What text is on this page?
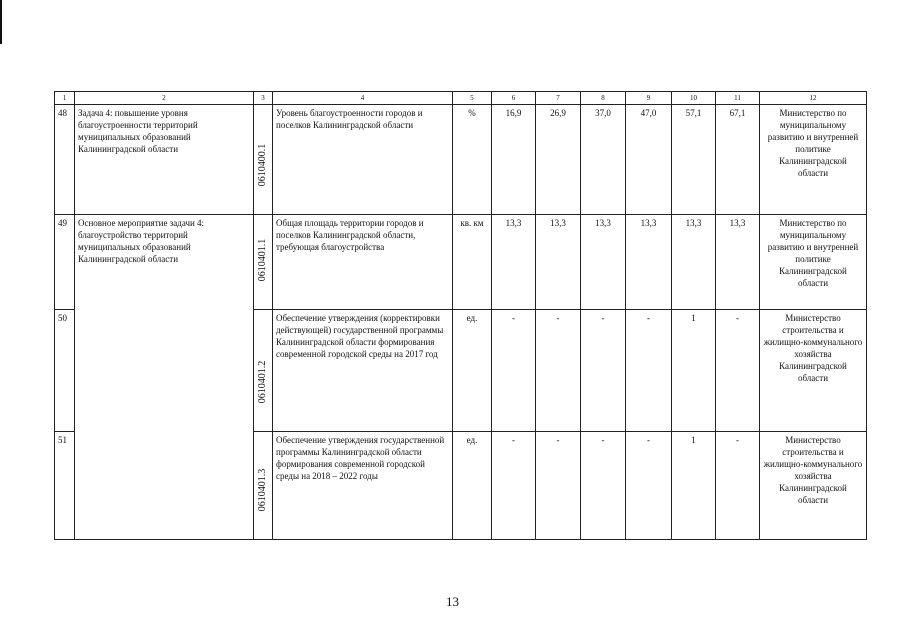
1	2	3	4	5	6	7	8	9	10	11	12
48	Задача 4: повышение уровня благоустроенности территорий муниципальных образований Калининградской области	0610400.1	Уровень благоустроенности городов и поселков Калининградской области	%	16,9	26,9	37,0	47,0	57,1	67,1	Министерство по муниципальному развитию и внутренней политике Калининградской области
49	Основное мероприятие задачи 4: благоустройство территорий муниципальных образований Калининградской области	0610401.1	Общая площадь территории городов и поселков Калининградской области, требующая благоустройства	кв. км	13,3	13,3	13,3	13,3	13,3	13,3	Министерство по муниципальному развитию и внутренней политике Калининградской области
50		0610401.2	Обеспечение утверждения (корректировки действующей) государственной программы Калининградской области формирования современной городской среды на 2017 год	ед.	-	-	-	-	1	-	Министерство строительства и жилищно-коммунального хозяйства Калининградской области
51		0610401.3	Обеспечение утверждения государственной программы Калининградской области формирования современной городской среды на 2018 – 2022 годы	ед.	-	-	-	-	1	-	Министерство строительства и жилищно-коммунального хозяйства Калининградской области
13
